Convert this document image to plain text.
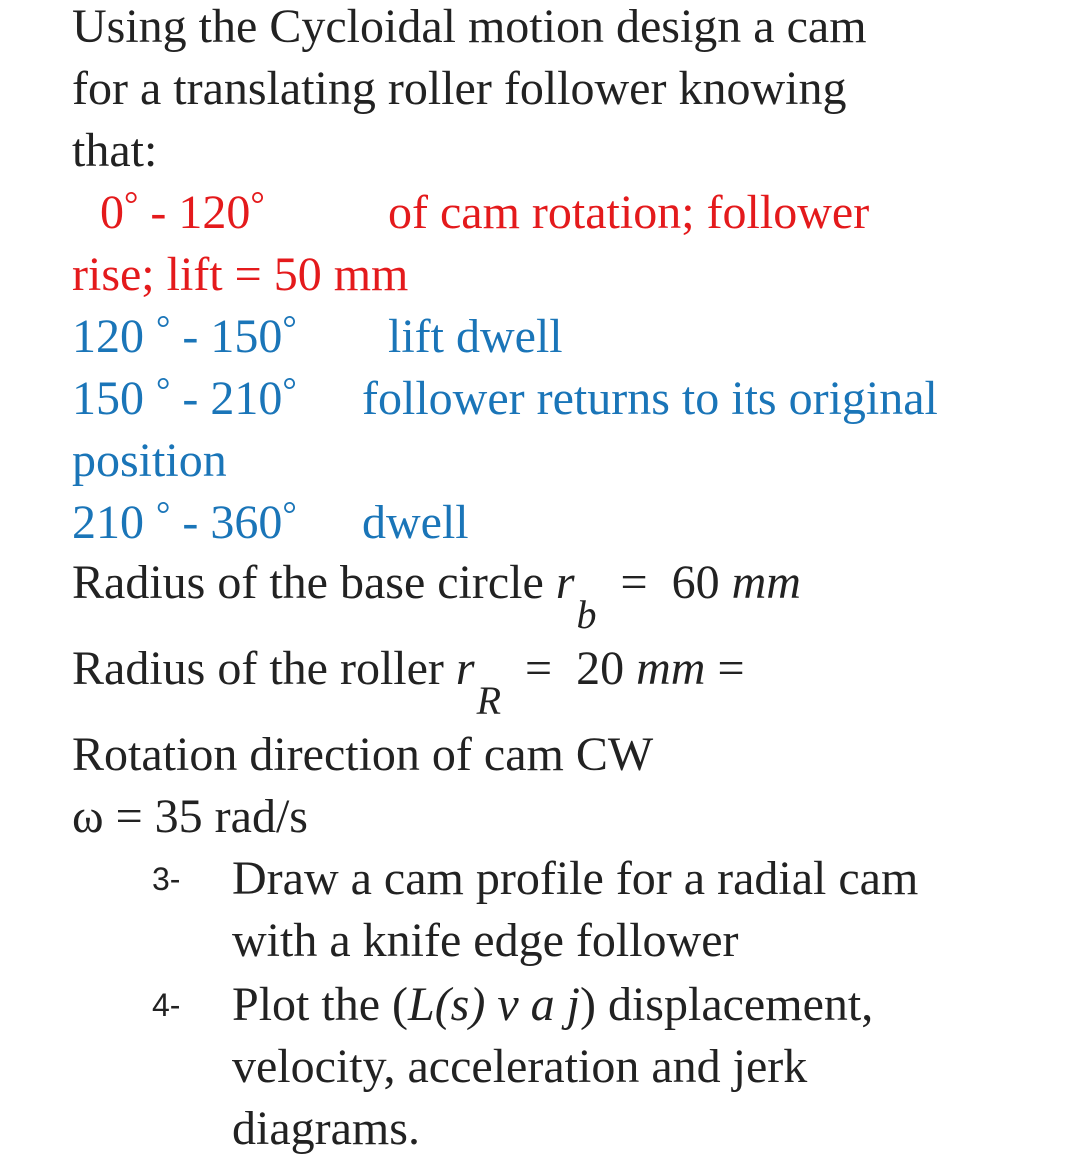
Using the Cycloidal motion design a cam
for a translating roller follower knowing
that:
0° - 120°	of cam rotation; follower
rise; lift = 50 mm
120 ° - 150° lift dwell
150 ° - 210° follower returns to its original
position
210 ° - 360° dwell
Radius of the base circle $r_b = 60$ mm
Radius of the roller $r_R = 20$ mm =
Rotation direction of cam CW
ω = 35 rad/s
3- Draw a cam profile for a radial cam
with a knife edge follower
4- Plot the (L(s) v a j) displacement,
velocity, acceleration and jerk
diagrams.
